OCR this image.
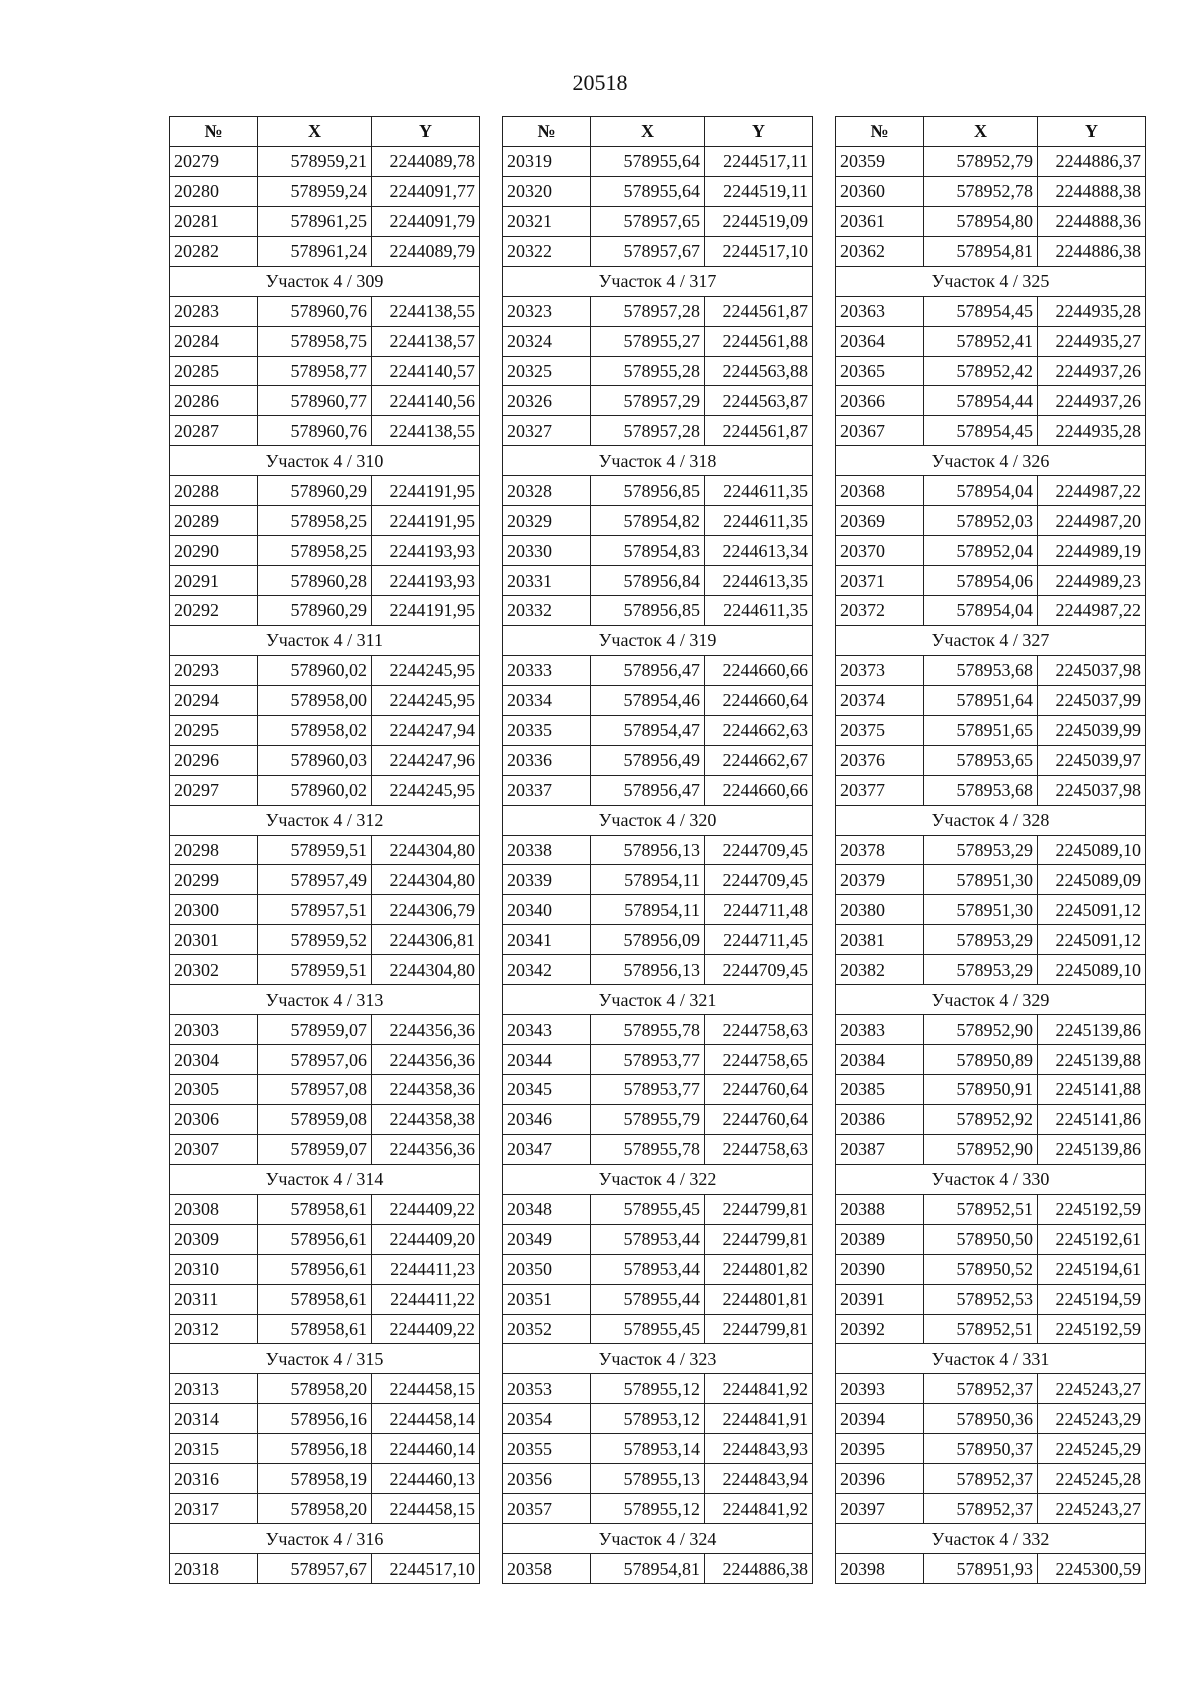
20518
№	X	Y
20279	578959,21	2244089,78
20280	578959,24	2244091,77
20281	578961,25	2244091,79
20282	578961,24	2244089,79
Участок 4 / 309		
20283	578960,76	2244138,55
20284	578958,75	2244138,57
20285	578958,77	2244140,57
20286	578960,77	2244140,56
20287	578960,76	2244138,55
Участок 4 / 310		
20288	578960,29	2244191,95
20289	578958,25	2244191,95
20290	578958,25	2244193,93
20291	578960,28	2244193,93
20292	578960,29	2244191,95
Участок 4 / 311		
20293	578960,02	2244245,95
20294	578958,00	2244245,95
20295	578958,02	2244247,94
20296	578960,03	2244247,96
20297	578960,02	2244245,95
Участок 4 / 312		
20298	578959,51	2244304,80
20299	578957,49	2244304,80
20300	578957,51	2244306,79
20301	578959,52	2244306,81
20302	578959,51	2244304,80
Участок 4 / 313		
20303	578959,07	2244356,36
20304	578957,06	2244356,36
20305	578957,08	2244358,36
20306	578959,08	2244358,38
20307	578959,07	2244356,36
Участок 4 / 314		
20308	578958,61	2244409,22
20309	578956,61	2244409,20
20310	578956,61	2244411,23
20311	578958,61	2244411,22
20312	578958,61	2244409,22
Участок 4 / 315		
20313	578958,20	2244458,15
20314	578956,16	2244458,14
20315	578956,18	2244460,14
20316	578958,19	2244460,13
20317	578958,20	2244458,15
Участок 4 / 316		
20318	578957,67	2244517,10
№	X	Y
20319	578955,64	2244517,11
20320	578955,64	2244519,11
20321	578957,65	2244519,09
20322	578957,67	2244517,10
Участок 4 / 317		
20323	578957,28	2244561,87
20324	578955,27	2244561,88
20325	578955,28	2244563,88
20326	578957,29	2244563,87
20327	578957,28	2244561,87
Участок 4 / 318		
20328	578956,85	2244611,35
20329	578954,82	2244611,35
20330	578954,83	2244613,34
20331	578956,84	2244613,35
20332	578956,85	2244611,35
Участок 4 / 319		
20333	578956,47	2244660,66
20334	578954,46	2244660,64
20335	578954,47	2244662,63
20336	578956,49	2244662,67
20337	578956,47	2244660,66
Участок 4 / 320		
20338	578956,13	2244709,45
20339	578954,11	2244709,45
20340	578954,11	2244711,48
20341	578956,09	2244711,45
20342	578956,13	2244709,45
Участок 4 / 321		
20343	578955,78	2244758,63
20344	578953,77	2244758,65
20345	578953,77	2244760,64
20346	578955,79	2244760,64
20347	578955,78	2244758,63
Участок 4 / 322		
20348	578955,45	2244799,81
20349	578953,44	2244799,81
20350	578953,44	2244801,82
20351	578955,44	2244801,81
20352	578955,45	2244799,81
Участок 4 / 323		
20353	578955,12	2244841,92
20354	578953,12	2244841,91
20355	578953,14	2244843,93
20356	578955,13	2244843,94
20357	578955,12	2244841,92
Участок 4 / 324		
20358	578954,81	2244886,38
№	X	Y
20359	578952,79	2244886,37
20360	578952,78	2244888,38
20361	578954,80	2244888,36
20362	578954,81	2244886,38
Участок 4 / 325		
20363	578954,45	2244935,28
20364	578952,41	2244935,27
20365	578952,42	2244937,26
20366	578954,44	2244937,26
20367	578954,45	2244935,28
Участок 4 / 326		
20368	578954,04	2244987,22
20369	578952,03	2244987,20
20370	578952,04	2244989,19
20371	578954,06	2244989,23
20372	578954,04	2244987,22
Участок 4 / 327		
20373	578953,68	2245037,98
20374	578951,64	2245037,99
20375	578951,65	2245039,99
20376	578953,65	2245039,97
20377	578953,68	2245037,98
Участок 4 / 328		
20378	578953,29	2245089,10
20379	578951,30	2245089,09
20380	578951,30	2245091,12
20381	578953,29	2245091,12
20382	578953,29	2245089,10
Участок 4 / 329		
20383	578952,90	2245139,86
20384	578950,89	2245139,88
20385	578950,91	2245141,88
20386	578952,92	2245141,86
20387	578952,90	2245139,86
Участок 4 / 330		
20388	578952,51	2245192,59
20389	578950,50	2245192,61
20390	578950,52	2245194,61
20391	578952,53	2245194,59
20392	578952,51	2245192,59
Участок 4 / 331		
20393	578952,37	2245243,27
20394	578950,36	2245243,29
20395	578950,37	2245245,29
20396	578952,37	2245245,28
20397	578952,37	2245243,27
Участок 4 / 332		
20398	578951,93	2245300,59
